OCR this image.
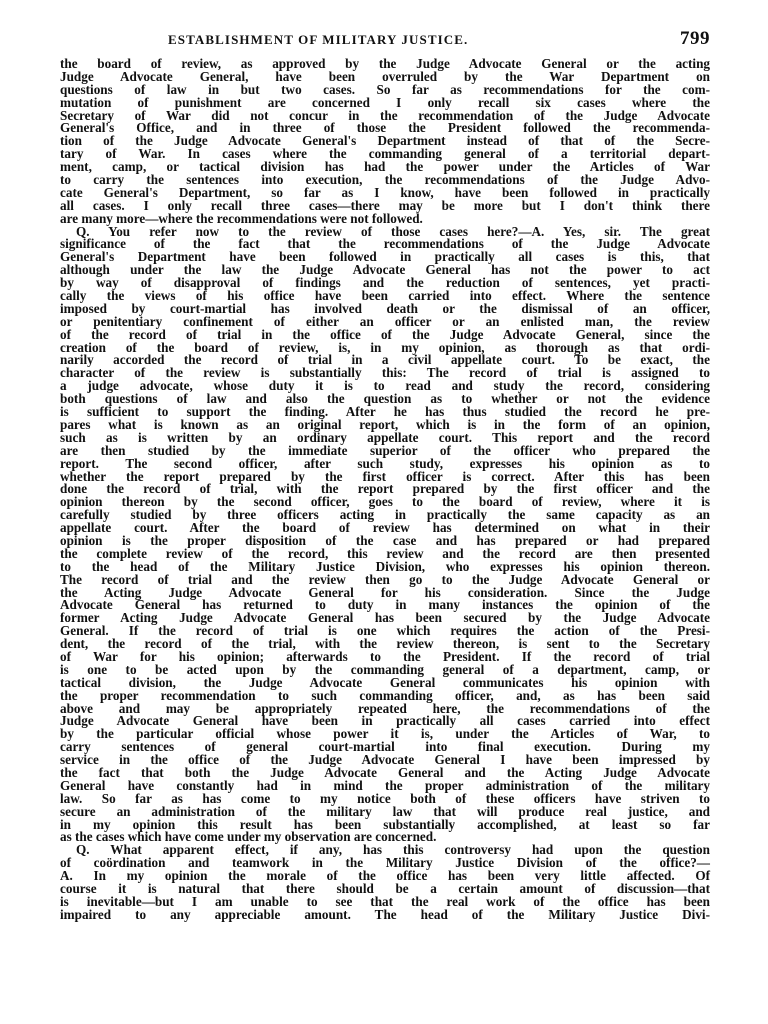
ESTABLISHMENT OF MILITARY JUSTICE.	799
the board of review, as approved by the Judge Advocate General or the acting
Judge Advocate General, have been overruled by the War Department on
questions of law in but two cases. So far as recommendations for the com-
mutation of punishment are concerned I only recall six cases where the
Secretary of War did not concur in the recommendation of the Judge Advocate
General's Office, and in three of those the President followed the recommenda-
tion of the Judge Advocate General's Department instead of that of the Secre-
tary of War. In cases where the commanding general of a territorial depart-
ment, camp, or tactical division has had the power under the Articles of War
to carry the sentences into execution, the recommendations of the Judge Advo-
cate General's Department, so far as I know, have been followed in practically
all cases. I only recall three cases—there may be more but I don't think there
are many more—where the recommendations were not followed.
Q. You refer now to the review of those cases here?—A. Yes, sir. The great
significance of the fact that the recommendations of the Judge Advocate
General's Department have been followed in practically all cases is this, that
although under the law the Judge Advocate General has not the power to act
by way of disapproval of findings and the reduction of sentences, yet practi-
cally the views of his office have been carried into effect. Where the sentence
imposed by court-martial has involved death or the dismissal of an officer,
or penitentiary confinement of either an officer or an enlisted man, the review
of the record of trial in the office of the Judge Advocate General, since the
creation of the board of review, is, in my opinion, as thorough as that ordi-
narily accorded the record of trial in a civil appellate court. To be exact, the
character of the review is substantially this: The record of trial is assigned to
a judge advocate, whose duty it is to read and study the record, considering
both questions of law and also the question as to whether or not the evidence
is sufficient to support the finding. After he has thus studied the record he pre-
pares what is known as an original report, which is in the form of an opinion,
such as is written by an ordinary appellate court. This report and the record
are then studied by the immediate superior of the officer who prepared the
report. The second officer, after such study, expresses his opinion as to
whether the report prepared by the first officer is correct. After this has been
done the record of trial, with the report prepared by the first officer and the
opinion thereon by the second officer, goes to the board of review, where it is
carefully studied by three officers acting in practically the same capacity as an
appellate court. After the board of review has determined on what in their
opinion is the proper disposition of the case and has prepared or had prepared
the complete review of the record, this review and the record are then presented
to the head of the Military Justice Division, who expresses his opinion thereon.
The record of trial and the review then go to the Judge Advocate General or
the Acting Judge Advocate General for his consideration. Since the Judge
Advocate General has returned to duty in many instances the opinion of the
former Acting Judge Advocate General has been secured by the Judge Advocate
General. If the record of trial is one which requires the action of the Presi-
dent, the record of the trial, with the review thereon, is sent to the Secretary
of War for his opinion; afterwards to the President. If the record of trial
is one to be acted upon by the commanding general of a department, camp, or
tactical division, the Judge Advocate General communicates his opinion with
the proper recommendation to such commanding officer, and, as has been said
above and may be appropriately repeated here, the recommendations of the
Judge Advocate General have been in practically all cases carried into effect
by the particular official whose power it is, under the Articles of War, to
carry sentences of general court-martial into final execution. During my
service in the office of the Judge Advocate General I have been impressed by
the fact that both the Judge Advocate General and the Acting Judge Advocate
General have constantly had in mind the proper administration of the military
law. So far as has come to my notice both of these officers have striven to
secure an administration of the military law that will produce real justice, and
in my opinion this result has been substantially accomplished, at least so far
as the cases which have come under my observation are concerned.
Q. What apparent effect, if any, has this controversy had upon the question
of coördination and teamwork in the Military Justice Division of the office?—
A. In my opinion the morale of the office has been very little affected. Of
course it is natural that there should be a certain amount of discussion—that
is inevitable—but I am unable to see that the real work of the office has been
impaired to any appreciable amount. The head of the Military Justice Divi-
